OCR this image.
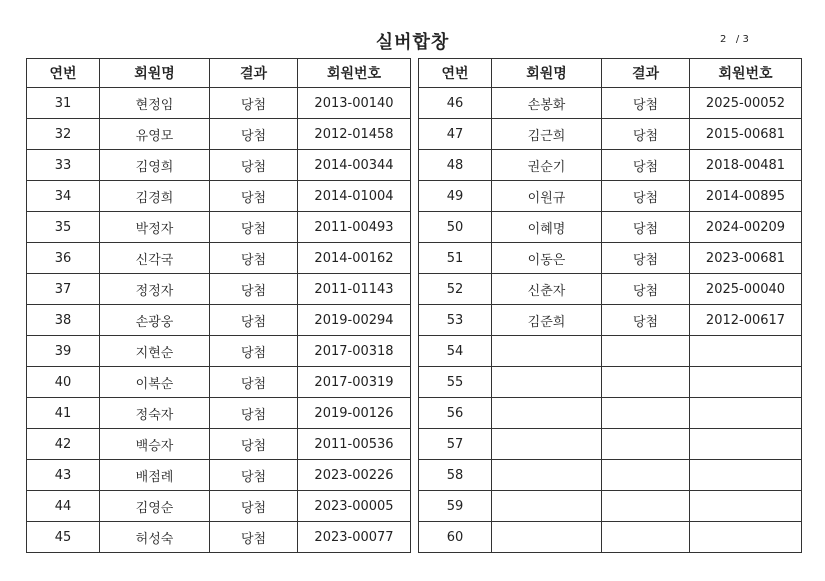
실버합창	2   / 3
연번	회원명	결과	회원번호
31	현정임	당첨	2013-00140
32	유영모	당첨	2012-01458
33	김영희	당첨	2014-00344
34	김경희	당첨	2014-01004
35	박정자	당첨	2011-00493
36	신각국	당첨	2014-00162
37	정정자	당첨	2011-01143
38	손광웅	당첨	2019-00294
39	지현순	당첨	2017-00318
40	이복순	당첨	2017-00319
41	정숙자	당첨	2019-00126
42	백승자	당첨	2011-00536
43	배점례	당첨	2023-00226
44	김영순	당첨	2023-00005
45	허성숙	당첨	2023-00077
연번	회원명	결과	회원번호
46	손봉화	당첨	2025-00052
47	김근희	당첨	2015-00681
48	권순기	당첨	2018-00481
49	이원규	당첨	2014-00895
50	이혜명	당첨	2024-00209
51	이동은	당첨	2023-00681
52	신춘자	당첨	2025-00040
53	김준희	당첨	2012-00617
54			
55			
56			
57			
58			
59			
60			
